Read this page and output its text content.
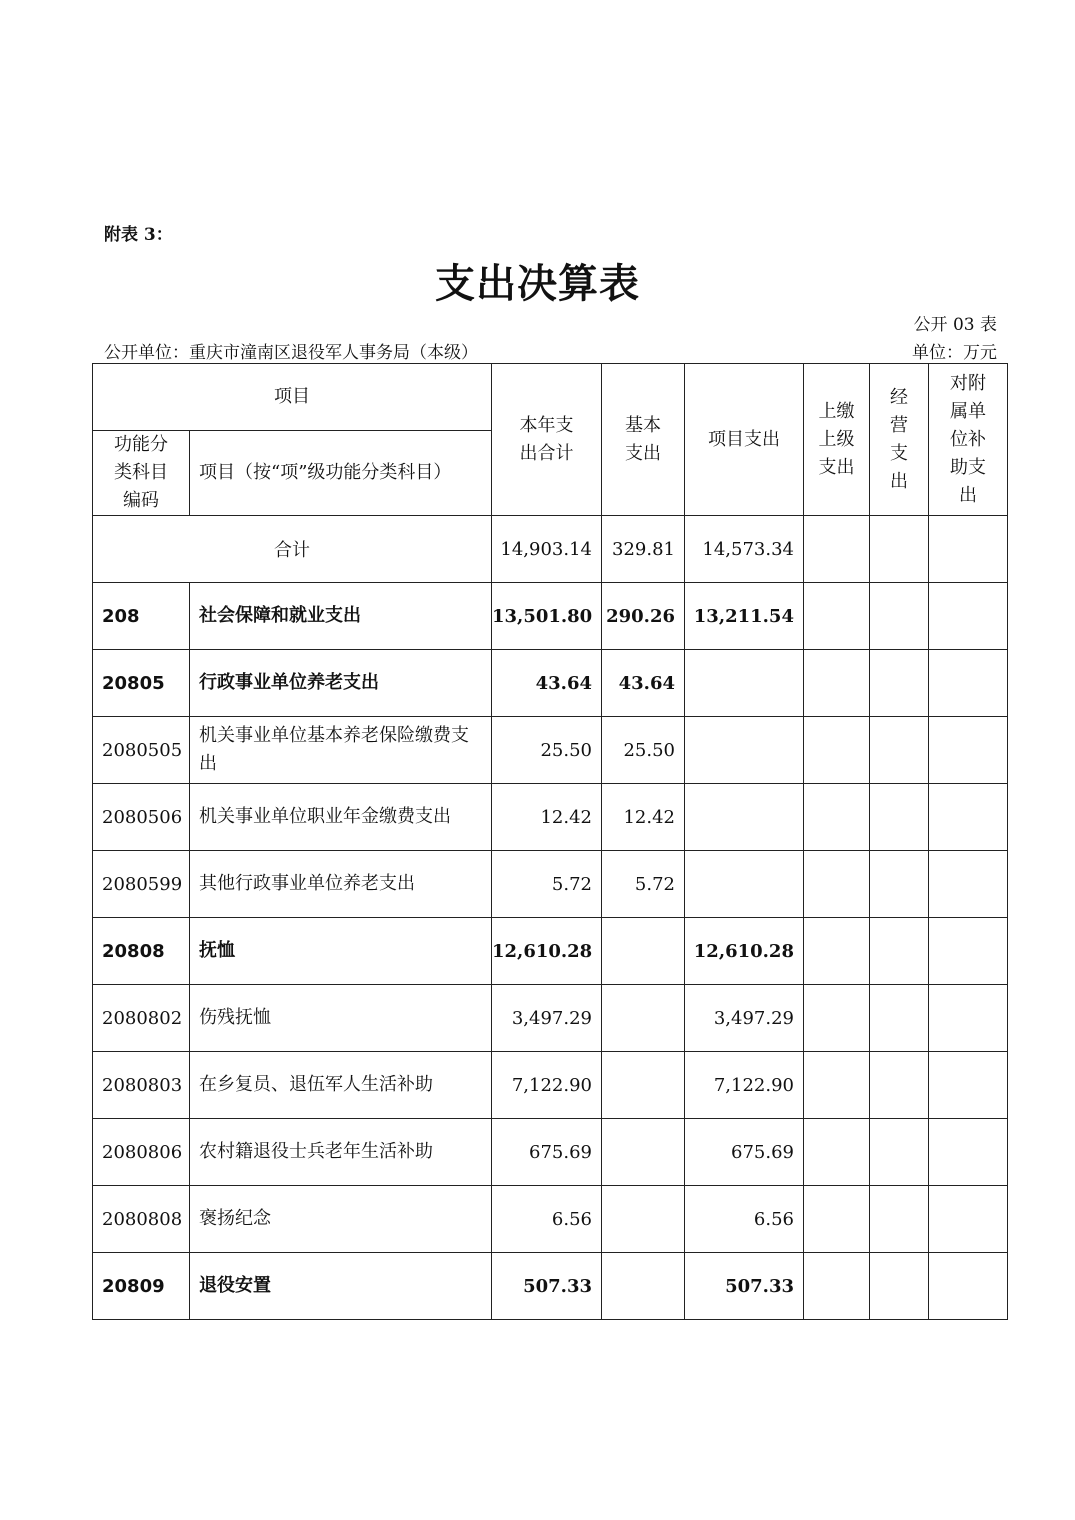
附表 3：
支出决算表
公开 03 表
公开单位：重庆市潼南区退役军人事务局（本级）	单位：万元
项目		本年支出合计	基本支出	项目支出	上缴上级支出	经营支出	对附属单位补助支出

功能分类科目编码	项目（按“项”级功能分类科目）						
合计		14,903.14	329.81	14,573.34			
208	社会保障和就业支出	13,501.80	290.26	13,211.54			
20805	行政事业单位养老支出	43.64	43.64				
2080505	机关事业单位基本养老保险缴费支出	25.50	25.50				
2080506	机关事业单位职业年金缴费支出	12.42	12.42				
2080599	其他行政事业单位养老支出	5.72	5.72				
20808	抚恤	12,610.28		12,610.28			
2080802	伤残抚恤	3,497.29		3,497.29			
2080803	在乡复员、退伍军人生活补助	7,122.90		7,122.90			
2080806	农村籍退役士兵老年生活补助	675.69		675.69			
2080808	褒扬纪念	6.56		6.56			
20809	退役安置	507.33		507.33			
